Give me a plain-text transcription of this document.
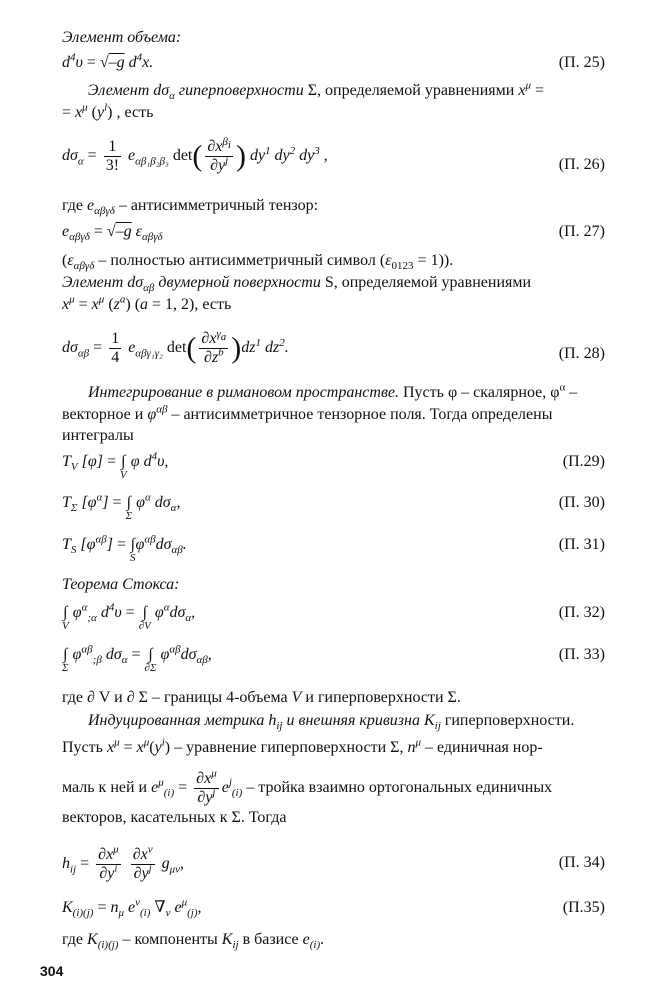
Элемент объема:
$d^4\upsilon = √-g$ $d^4x$.	(П. 25)
Элемент $d\sigma_\alpha$ гиперповерхности Σ, определяемой уравнениями $x^\mu$ =
= $x^\mu$ $(y^l)$ , есть
$d\sigma_\alpha = \frac{1}{3!} e_{\alpha\beta_1\beta_2\beta_3}$ $\det( \frac{\partial x^{\beta_i}}{\partial y^j}$ ) $dy^1$ $dy^2$ $dy^3$ ,
(П. 26)
где $e_{\alpha\beta\gamma\delta}$ – антисимметричный тензор:
$e_{\alpha\beta\gamma\delta} = √-g$ $\varepsilon_{\alpha\beta\gamma\delta}$	(П. 27)
($\varepsilon_{\alpha\beta\gamma\delta}$ – полностью антисимметричный символ $(\varepsilon_{0123} = 1)$).
Элемент $d\sigma_{\alpha\beta}$ двумерной поверхности S, определяемой уравнениями
$x^\mu = x^\mu$ $(z^a) (a = 1$, 2), есть
$d\sigma_{\alpha\beta} = \frac{1}{4} e_{\alpha\beta\gamma_1\gamma_2}$ $\det( \frac{\partial x^{\gamma_a}}{\partial z^b} )dz^1$ $dz^2$.	(П. 28)
Интегрирование в римановом пространстве. Пусть φ – скалярное, $\varphi^\alpha$ –
векторное и $\varphi^{\alpha\beta}$ – антисимметричное тензорное поля. Тогда определены
интегралы
$T_V$ [φ] = ∫
V
φ $d^4\upsilon$,	(П.29)
$T_\Sigma$ $[\varphi^\alpha]$ = ∫
Σ
$\varphi^\alpha$ $d\sigma_\alpha$,	(П. 30)
$T_S$ $[\varphi^{\alpha\beta}]$ = ∫
S
$\varphi^{\alpha\beta}d\sigma_{\alpha\beta}$.	(П. 31)
Теорема Стокса:
∫
V
$\varphi^\alpha_{;\alpha}$ $d^4\upsilon$ = ∫
∂V
$\varphi^\alpha d\sigma_\alpha$,	(П. 32)
∫
Σ
$\varphi^{\alpha\beta}_{;\beta}$ $d\sigma_\alpha$ = ∫
∂Σ
$\varphi^{\alpha\beta}d\sigma_{\alpha\beta}$,	(П. 33)
где ∂ V и ∂ Σ – границы 4-объема V и гиперповерхности Σ.
Индуцированная метрика $h_{ij}$ и внешняя кривизна $K_{ij}$ гиперповерхности.
Пусть $x^\mu = x^\mu(y^i)$ – уравнение гиперповерхности Σ, $n^\mu$ – единичная нор-
маль к ней и $e^\mu_{(i)} = \frac{\partial x^\mu}{\partial y^j} e^j_{(i)}$ – тройка взаимно ортогональных единичных
векторов, касательных к Σ. Тогда
$h_{ij} = \frac{\partial x^\mu}{\partial y^i}$
$\frac{\partial x^\nu}{\partial y^j} g_{\mu\nu}$,	(П. 34)
$K_{(i)(j)} = n_\mu$ $e^\nu_{(i)}$ $\nabla_\nu$ $e^\mu_{(j)}$,	(П.35)
где $K_{(i)(j)}$ – компоненты $K_{ij}$ в базисе $e_{(i)}$.
304
